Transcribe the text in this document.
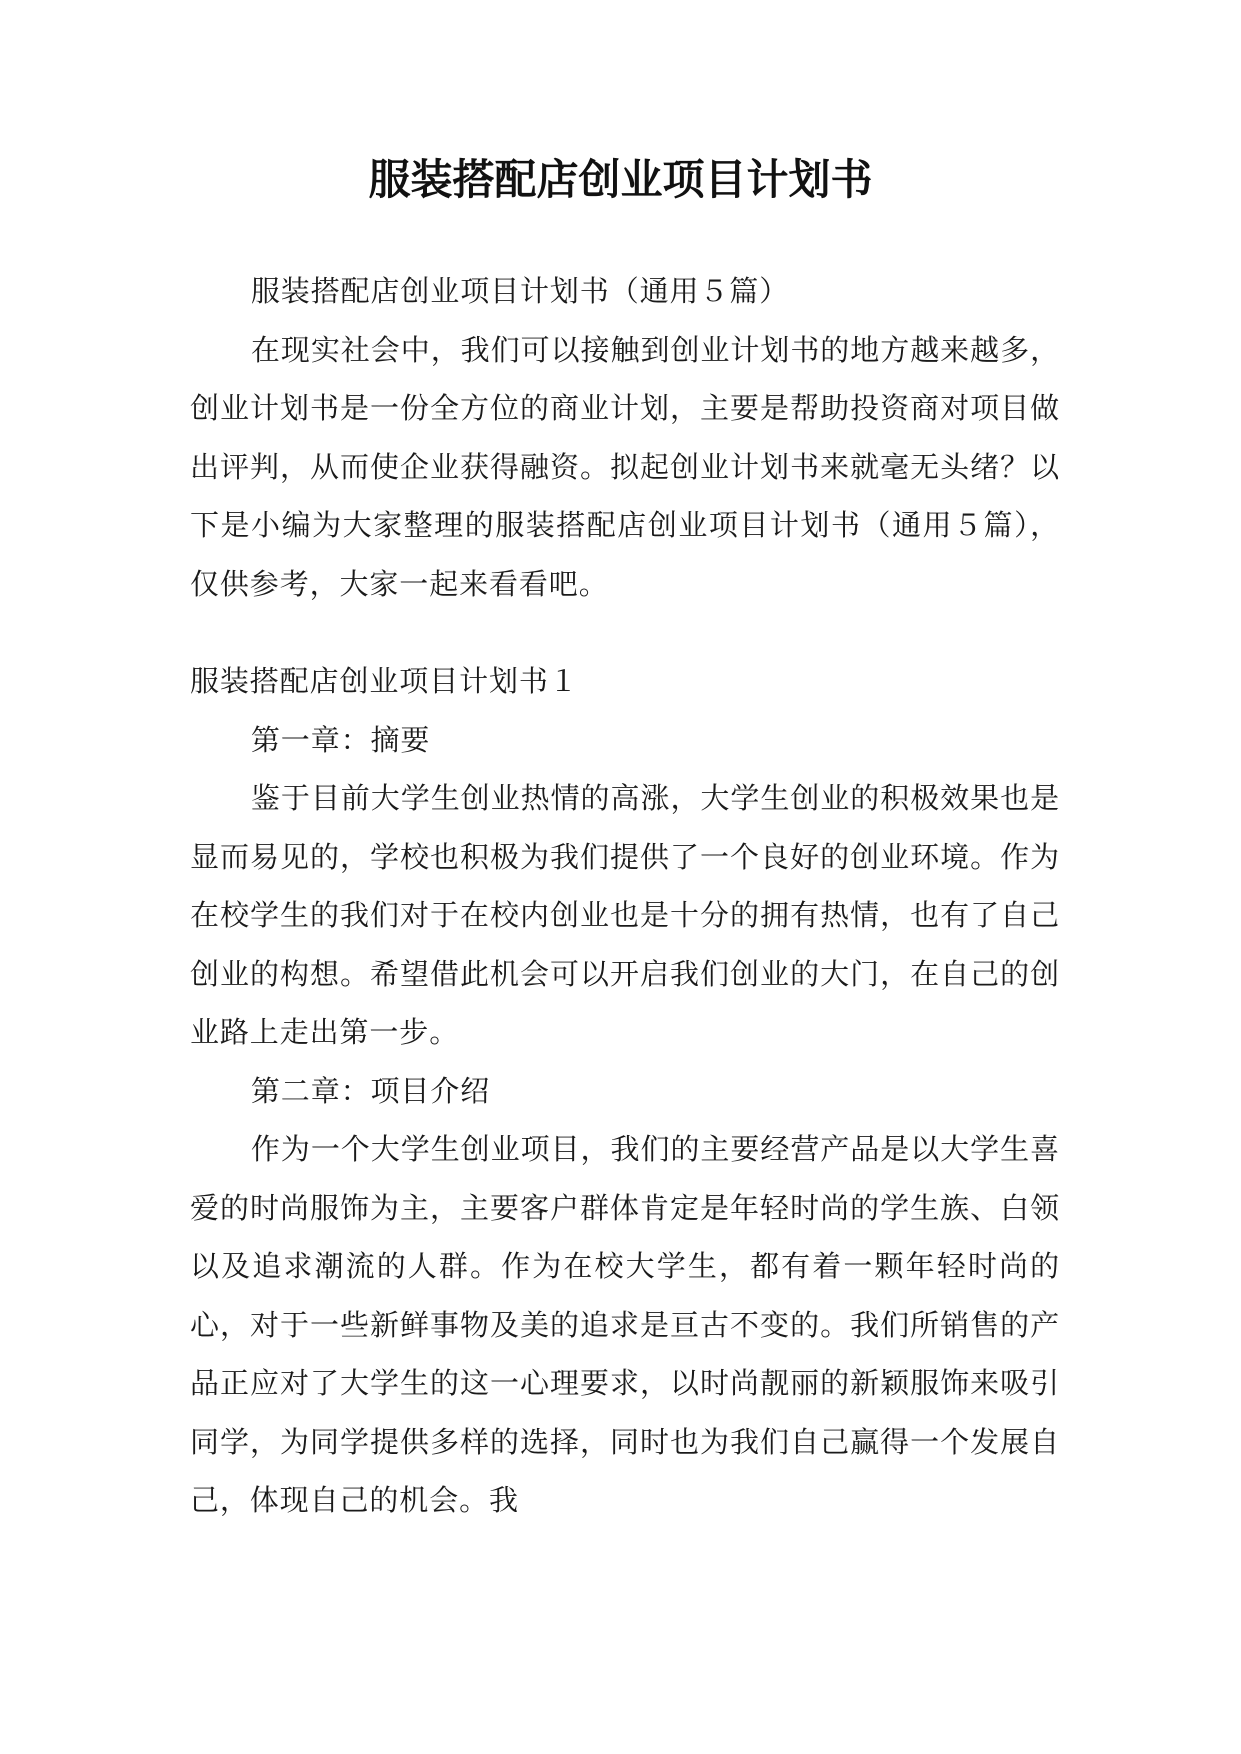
服装搭配店创业项目计划书

服装搭配店创业项目计划书（通用５篇）

在现实社会中，我们可以接触到创业计划书的地方越来越多，创业计划书是一份全方位的商业计划，主要是帮助投资商对项目做出评判，从而使企业获得融资。拟起创业计划书来就毫无头绪？以下是小编为大家整理的服装搭配店创业项目计划书（通用５篇），仅供参考，大家一起来看看吧。

服装搭配店创业项目计划书１

第一章：摘要

鉴于目前大学生创业热情的高涨，大学生创业的积极效果也是显而易见的，学校也积极为我们提供了一个良好的创业环境。作为在校学生的我们对于在校内创业也是十分的拥有热情，也有了自己创业的构想。希望借此机会可以开启我们创业的大门，在自己的创业路上走出第一步。

第二章：项目介绍

作为一个大学生创业项目，我们的主要经营产品是以大学生喜爱的时尚服饰为主，主要客户群体肯定是年轻时尚的学生族、白领以及追求潮流的人群。作为在校大学生，都有着一颗年轻时尚的心，对于一些新鲜事物及美的追求是亘古不变的。我们所销售的产品正应对了大学生的这一心理要求，以时尚靓丽的新颖服饰来吸引同学，为同学提供多样的选择，同时也为我们自己赢得一个发展自己，体现自己的机会。我
